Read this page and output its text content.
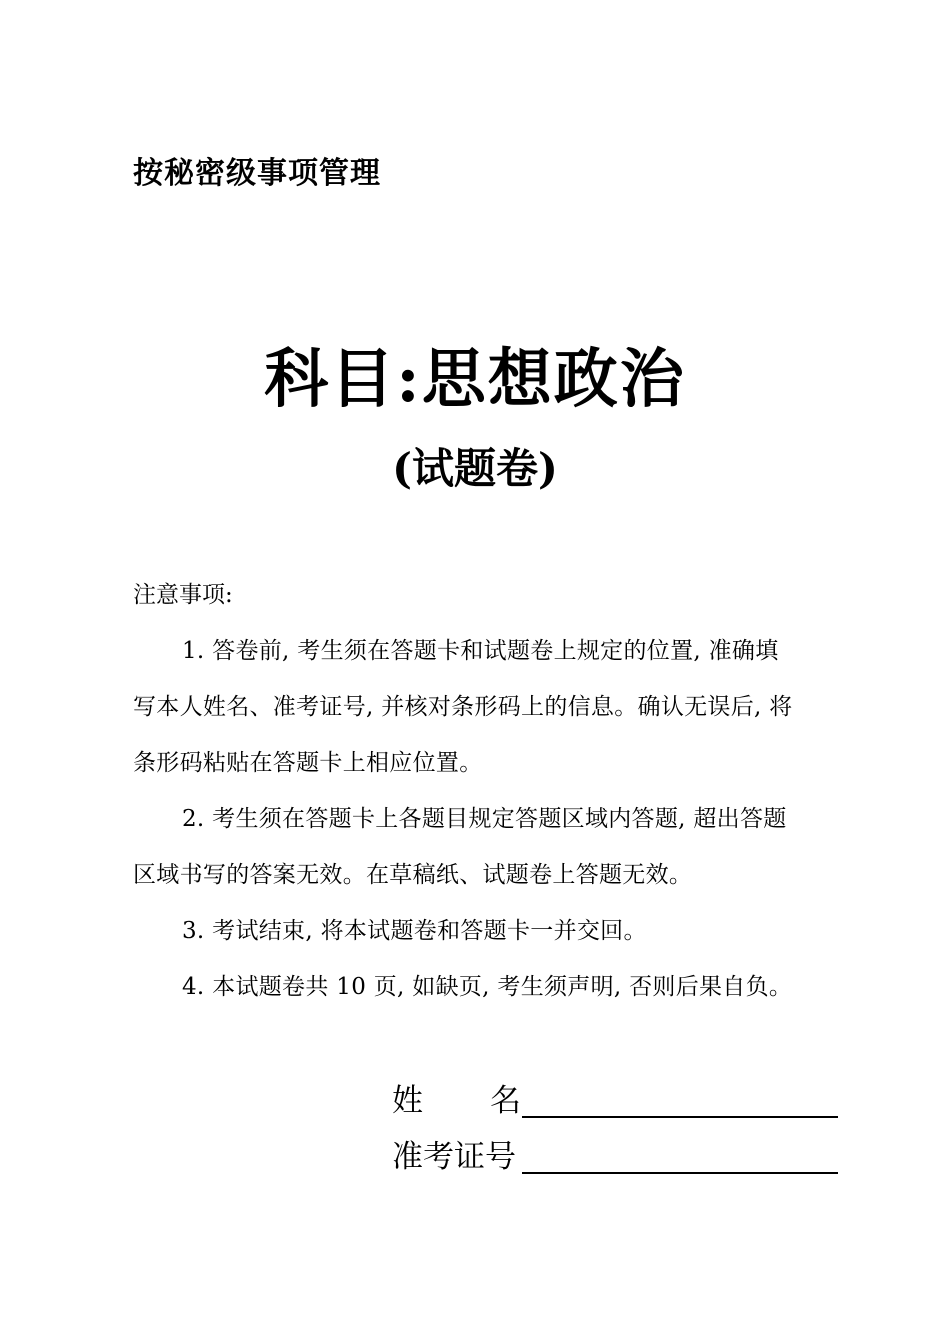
按秘密级事项管理
科目:思想政治
(试题卷)
注意事项:
1. 答卷前, 考生须在答题卡和试题卷上规定的位置, 准确填
写本人姓名、准考证号, 并核对条形码上的信息。确认无误后, 将
条形码粘贴在答题卡上相应位置。
2. 考生须在答题卡上各题目规定答题区域内答题, 超出答题
区域书写的答案无效。在草稿纸、试题卷上答题无效。
3. 考试结束, 将本试题卷和答题卡一并交回。
4. 本试题卷共 10 页, 如缺页, 考生须声明, 否则后果自负。
姓 名
准考证号
